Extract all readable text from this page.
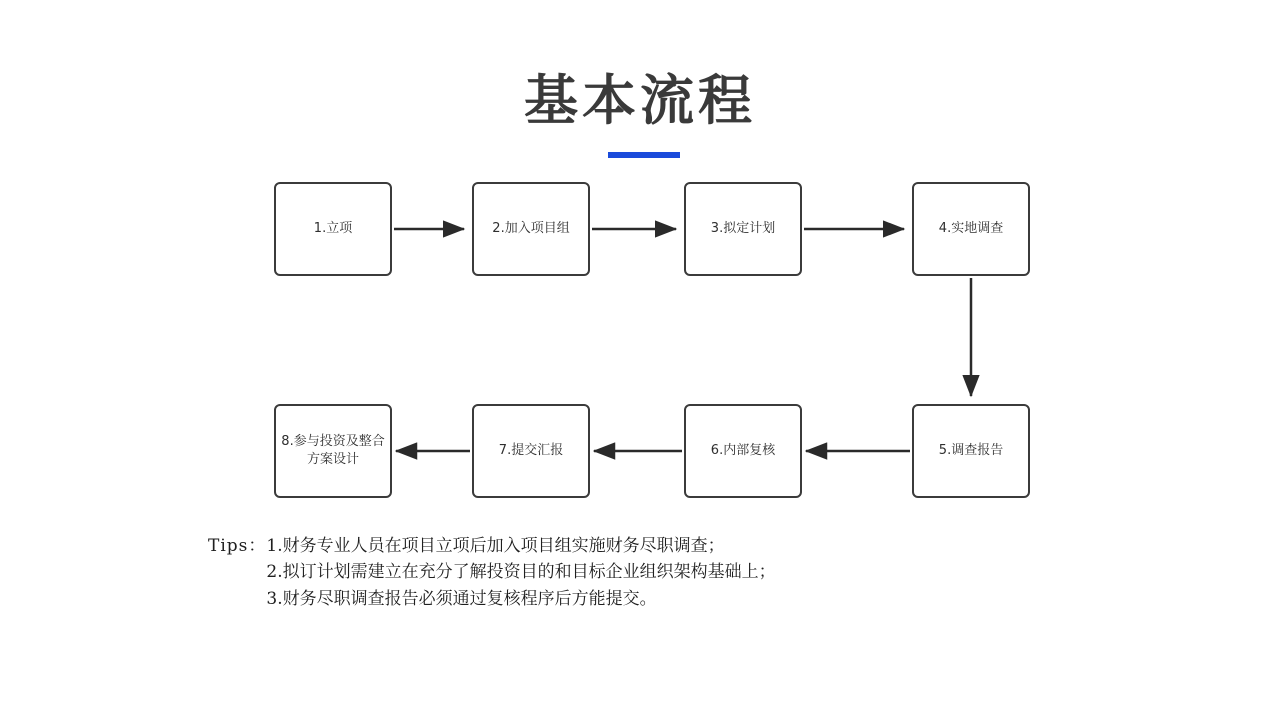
基本流程
1.立项	2.加入项目组	3.拟定计划	4.实地调查
5.调查报告
6.内部复核
7.提交汇报
8.参与投资及整合方案设计
Tips： 1.财务专业人员在项目立项后加入项目组实施财务尽职调查；
2.拟订计划需建立在充分了解投资目的和目标企业组织架构基础上；
3.财务尽职调查报告必须通过复核程序后方能提交。
